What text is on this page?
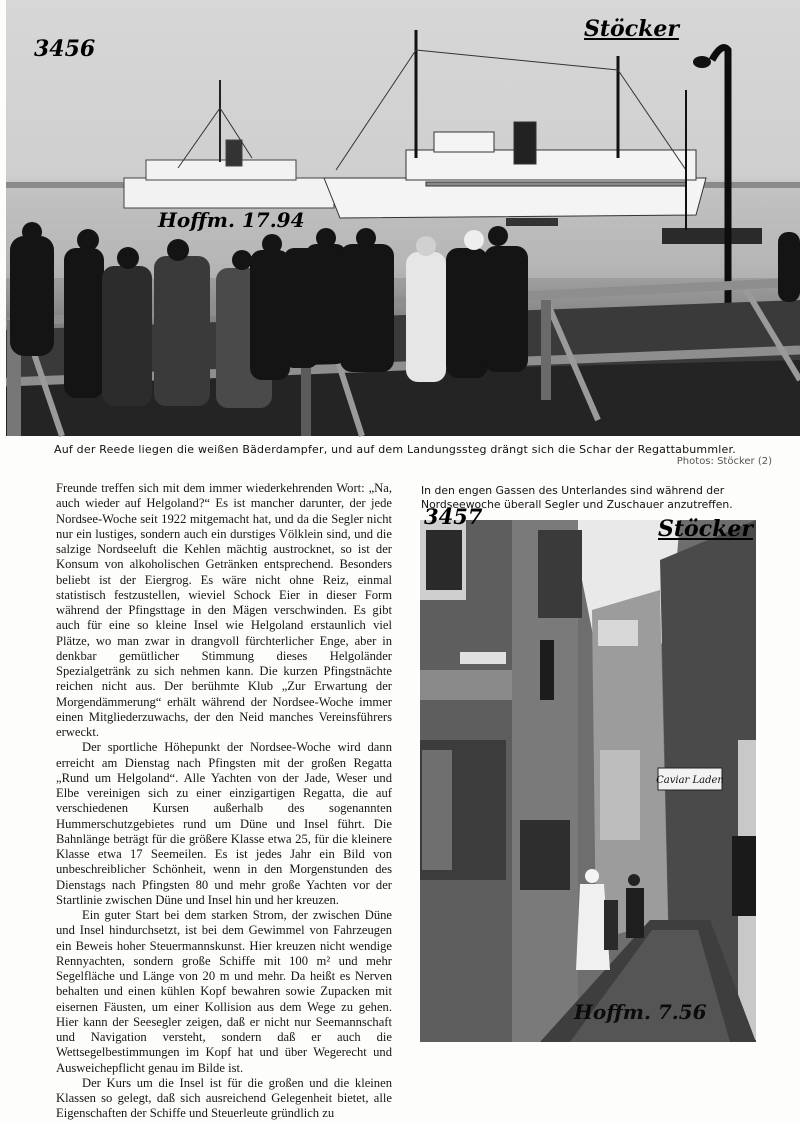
3456
Stöcker
Hoffm. 17.94
Auf der Reede liegen die weißen Bäderdampfer, und auf dem Landungssteg drängt sich die Schar der Regattabummler.
Photos: Stöcker (2)

Freunde treffen sich mit dem immer wiederkehrenden Wort: „Na, auch wieder auf Helgoland?“ Es ist mancher darunter, der jede Nordsee-Woche seit 1922 mitgemacht hat, und da die Segler nicht nur ein lustiges, sondern auch ein durstiges Völklein sind, und die salzige Nordseeluft die Kehlen mächtig austrocknet, so ist der Konsum von alkoholischen Getränken entsprechend. Besonders beliebt ist der Eiergrog. Es wäre nicht ohne Reiz, einmal statistisch festzustellen, wieviel Schock Eier in dieser Form während der Pfingsttage in den Mägen verschwinden. Es gibt auch für eine so kleine Insel wie Helgoland erstaunlich viel Plätze, wo man zwar in drangvoll fürchterlicher Enge, aber in denkbar gemütlicher Stimmung dieses Helgoländer Spezialgetränk zu sich nehmen kann. Die kurzen Pfingstnächte reichen nicht aus. Der berühmte Klub „Zur Erwartung der Morgendämmerung“ erhält während der Nordsee-Woche immer einen Mitgliederzuwachs, der den Neid manches Vereinsführers erweckt.

Der sportliche Höhepunkt der Nordsee-Woche wird dann erreicht am Dienstag nach Pfingsten mit der großen Regatta „Rund um Helgoland“. Alle Yachten von der Jade, Weser und Elbe vereinigen sich zu einer einzigartigen Regatta, die auf verschiedenen Kursen außerhalb des sogenannten Hummerschutzgebietes rund um Düne und Insel führt. Die Bahnlänge beträgt für die größere Klasse etwa 25, für die kleinere Klasse etwa 17 Seemeilen. Es ist jedes Jahr ein Bild von unbeschreiblicher Schönheit, wenn in den Morgenstunden des Dienstags nach Pfingsten 80 und mehr große Yachten vor der Startlinie zwischen Düne und Insel hin und her kreuzen.

Ein guter Start bei dem starken Strom, der zwischen Düne und Insel hindurchsetzt, ist bei dem Gewimmel von Fahrzeugen ein Beweis hoher Steuermannskunst. Hier kreuzen nicht wendige Rennyachten, sondern große Schiffe mit 100 m² und mehr Segelfläche und Länge von 20 m und mehr. Da heißt es Nerven behalten und einen kühlen Kopf bewahren sowie Zupacken mit eisernen Fäusten, um einer Kollision aus dem Wege zu gehen. Hier kann der Seesegler zeigen, daß er nicht nur Seemannschaft und Navigation versteht, sondern daß er auch die Wettsegelbestimmungen im Kopf hat und über Wegerecht und Ausweichepflicht genau im Bilde ist.

Der Kurs um die Insel ist für die großen und die kleinen Klassen so gelegt, daß sich ausreichend Gelegenheit bietet, alle Eigenschaften der Schiffe und Steuerleute gründlich zu

In den engen Gassen des Unterlandes sind während der Nordseewoche überall Segler und Zuschauer anzutreffen.
Caviar Laden
3457	Stöcker
Hoffm. 7.56
